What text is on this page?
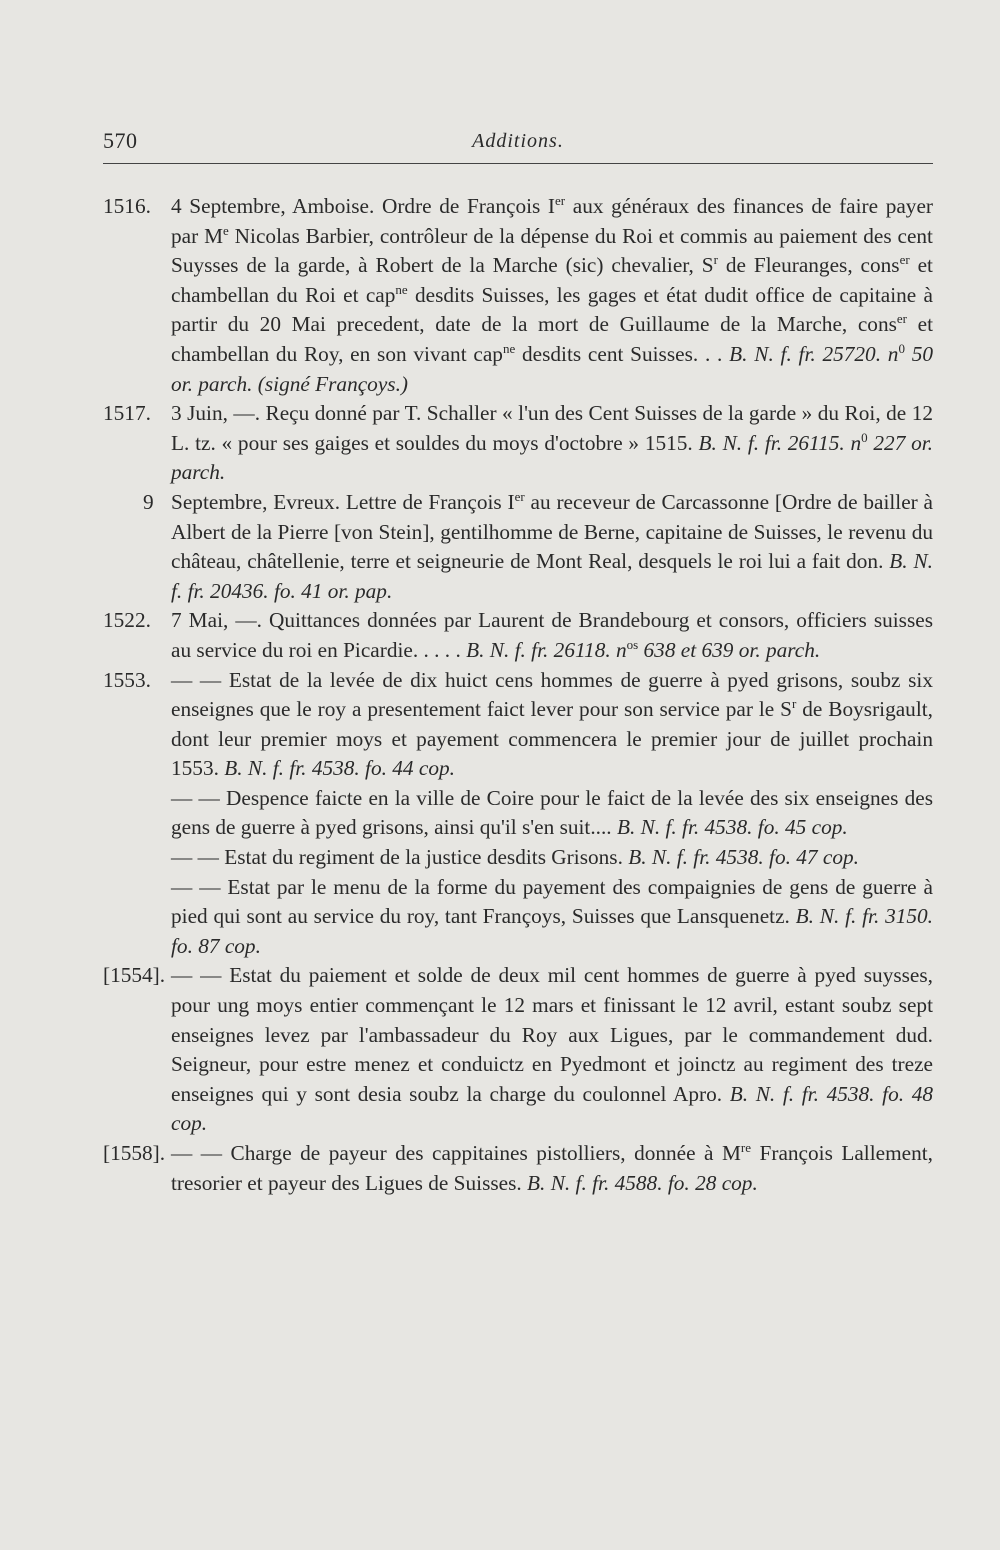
570	Additions.

1516. 4 Septembre, Amboise. Ordre de François Ier aux généraux des finances de faire payer par Me Nicolas Barbier, contrôleur de la dépense du Roi et commis au paiement des cent Suysses de la garde, à Robert de la Marche (sic) chevalier, $S^r$ de Fleuranges, cons$^{er}$ et chambellan du Roi et cap$^{ne}$ desdits Suisses, les gages et état dudit office de capitaine à partir du 20 Mai precedent, date de la mort de Guillaume de la Marche, cons$^{er}$ et chambellan du Roy, en son vivant cap$^{ne}$ desdits cent Suisses. . . B. N. f. fr. 25720. $n^0$ 50 or. parch. (signé Françoys.)

1517. 3 Juin, —. Reçu donné par T. Schaller « l'un des Cent Suisses de la garde » du Roi, de 12 L. tz. « pour ses gaiges et souldes du moys d'octobre » 1515. B. N. f. fr. 26115. $n^0$ 227 or. parch.

9 Septembre, Evreux. Lettre de François Ier au receveur de Carcassonne [Ordre de bailler à Albert de la Pierre [von Stein], gentilhomme de Berne, capitaine de Suisses, le revenu du château, châtellenie, terre et seigneurie de Mont Real, desquels le roi lui a fait don. B. N. f. fr. 20436. fo. 41 or. pap.

1522. 7 Mai, —. Quittances données par Laurent de Brandebourg et consors, officiers suisses au service du roi en Picardie. . . . . B. N. f. fr. 26118. $n^{os}$ 638 et 639 or. parch.

1553. — — Estat de la levée de dix huict cens hommes de guerre à pyed grisons, soubz six enseignes que le roy a presentement faict lever pour son service par le $S^r$ de Boysrigault, dont leur premier moys et payement commencera le premier jour de juillet prochain 1553. B. N. f. fr. 4538. fo. 44 cop.

— — Despence faicte en la ville de Coire pour le faict de la levée des six enseignes des gens de guerre à pyed grisons, ainsi qu'il s'en suit.... B. N. f. fr. 4538. fo. 45 cop.

— — Estat du regiment de la justice desdits Grisons. B. N. f. fr. 4538. fo. 47 cop.

— — Estat par le menu de la forme du payement des compaignies de gens de guerre à pied qui sont au service du roy, tant Françoys, Suisses que Lansquenetz. B. N. f. fr. 3150. fo. 87 cop.

[1554]. — — Estat du paiement et solde de deux mil cent hommes de guerre à pyed suysses, pour ung moys entier commençant le 12 mars et finissant le 12 avril, estant soubz sept enseignes levez par l'ambassadeur du Roy aux Ligues, par le commandement dud. Seigneur, pour estre menez et conduictz en Pyedmont et joinctz au regiment des treze enseignes qui y sont desia soubz la charge du coulonnel Apro. B. N. f. fr. 4538. fo. 48 cop.

[1558]. — — Charge de payeur des cappitaines pistolliers, donnée à Mre François Lallement, tresorier et payeur des Ligues de Suisses. B. N. f. fr. 4588. fo. 28 cop.
